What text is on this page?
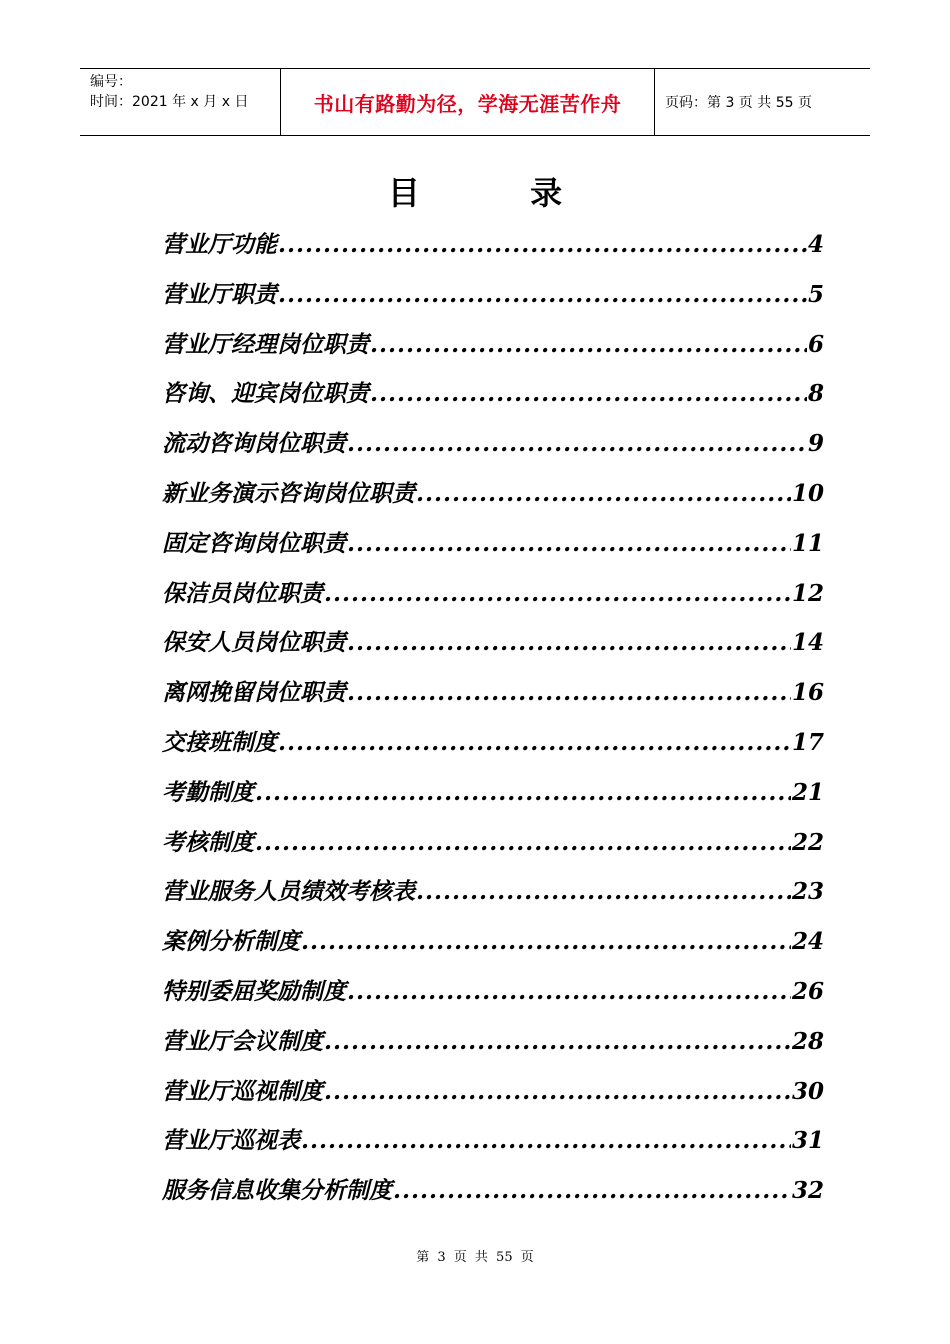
编号：
时间：2021 年 x 月 x 日	书山有路勤为径，学海无涯苦作舟	页码：第 3 页 共 55 页
目	录
营业厅功能 .....	4
营业厅职责 .....	5
营业厅经理岗位职责 .....	6
咨询、迎宾岗位职责 .....	8
流动咨询岗位职责 .....	9
新业务演示咨询岗位职责 .....	10
固定咨询岗位职责 .....	11
保洁员岗位职责 .....	12
保安人员岗位职责 .....	14
离网挽留岗位职责 .....	16
交接班制度 .....	17
考勤制度 .....	21
考核制度 .....	22
营业服务人员绩效考核表 .....	23
案例分析制度 .....	24
特别委屈奖励制度 .....	26
营业厅会议制度 .....	28
营业厅巡视制度 .....	30
营业厅巡视表 .....	31
服务信息收集分析制度 .....	32
第 3 页 共 55 页
